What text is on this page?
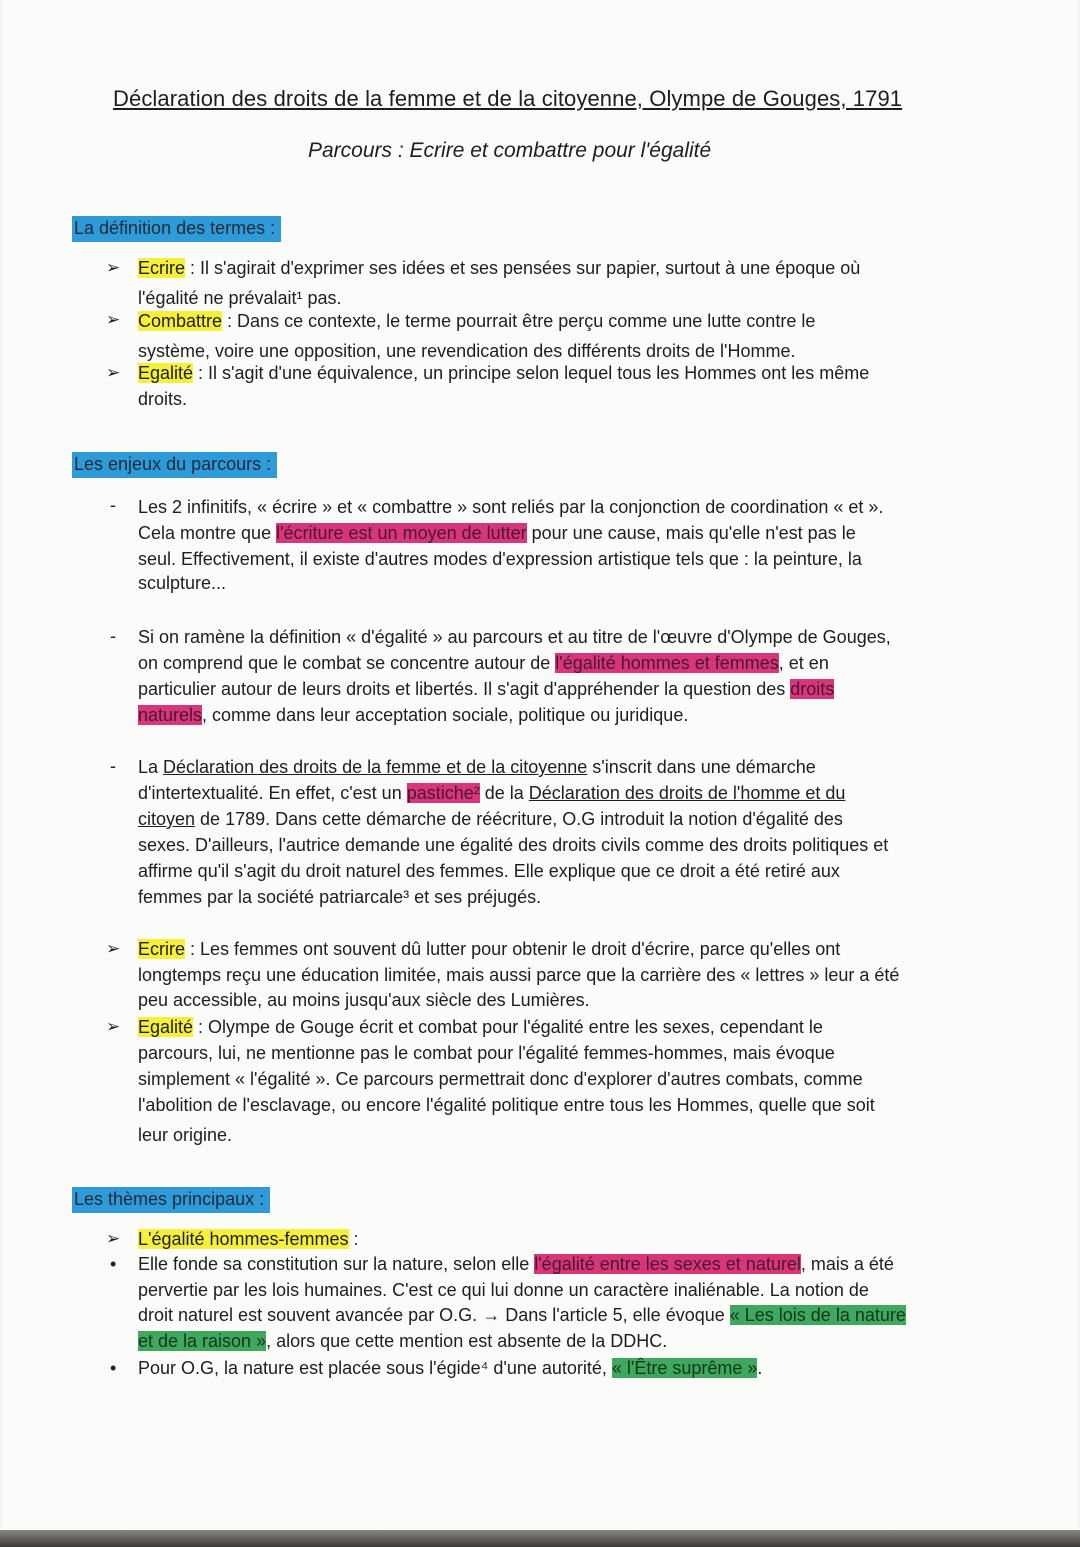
Déclaration des droits de la femme et de la citoyenne, Olympe de Gouges, 1791
Parcours : Ecrire et combattre pour l'égalité
La définition des termes :
➢ Ecrire : Il s'agirait d'exprimer ses idées et ses pensées sur papier, surtout à une époque où
l'égalité ne prévalait¹ pas.
➢ Combattre : Dans ce contexte, le terme pourrait être perçu comme une lutte contre le
système, voire une opposition, une revendication des différents droits de l'Homme.
➢ Egalité : Il s'agit d'une équivalence, un principe selon lequel tous les Hommes ont les même
droits.
Les enjeux du parcours :
- Les 2 infinitifs, « écrire » et « combattre » sont reliés par la conjonction de coordination « et ».
Cela montre que l'écriture est un moyen de lutter pour une cause, mais qu'elle n'est pas le
seul. Effectivement, il existe d'autres modes d'expression artistique tels que : la peinture, la
sculpture...
- Si on ramène la définition « d'égalité » au parcours et au titre de l'œuvre d'Olympe de Gouges,
on comprend que le combat se concentre autour de l'égalité hommes et femmes, et en
particulier autour de leurs droits et libertés. Il s'agit d'appréhender la question des droits
naturels, comme dans leur acceptation sociale, politique ou juridique.
- La Déclaration des droits de la femme et de la citoyenne s'inscrit dans une démarche
d'intertextualité. En effet, c'est un pastiche² de la Déclaration des droits de l'homme et du
citoyen de 1789. Dans cette démarche de réécriture, O.G introduit la notion d'égalité des
sexes. D'ailleurs, l'autrice demande une égalité des droits civils comme des droits politiques et
affirme qu'il s'agit du droit naturel des femmes. Elle explique que ce droit a été retiré aux
femmes par la société patriarcale³ et ses préjugés.
➢ Ecrire : Les femmes ont souvent dû lutter pour obtenir le droit d'écrire, parce qu'elles ont
longtemps reçu une éducation limitée, mais aussi parce que la carrière des « lettres » leur a été
peu accessible, au moins jusqu'aux siècle des Lumières.
➢ Egalité : Olympe de Gouge écrit et combat pour l'égalité entre les sexes, cependant le
parcours, lui, ne mentionne pas le combat pour l'égalité femmes-hommes, mais évoque
simplement « l'égalité ». Ce parcours permettrait donc d'explorer d'autres combats, comme
l'abolition de l'esclavage, ou encore l'égalité politique entre tous les Hommes, quelle que soit
leur origine.
Les thèmes principaux :
➢ L'égalité hommes-femmes :
• Elle fonde sa constitution sur la nature, selon elle l'égalité entre les sexes et naturel, mais a été
pervertie par les lois humaines. C'est ce qui lui donne un caractère inaliénable. La notion de
droit naturel est souvent avancée par O.G. → Dans l'article 5, elle évoque « Les lois de la nature
et de la raison », alors que cette mention est absente de la DDHC.
• Pour O.G, la nature est placée sous l'égide⁴ d'une autorité, « l'Être suprême ».
